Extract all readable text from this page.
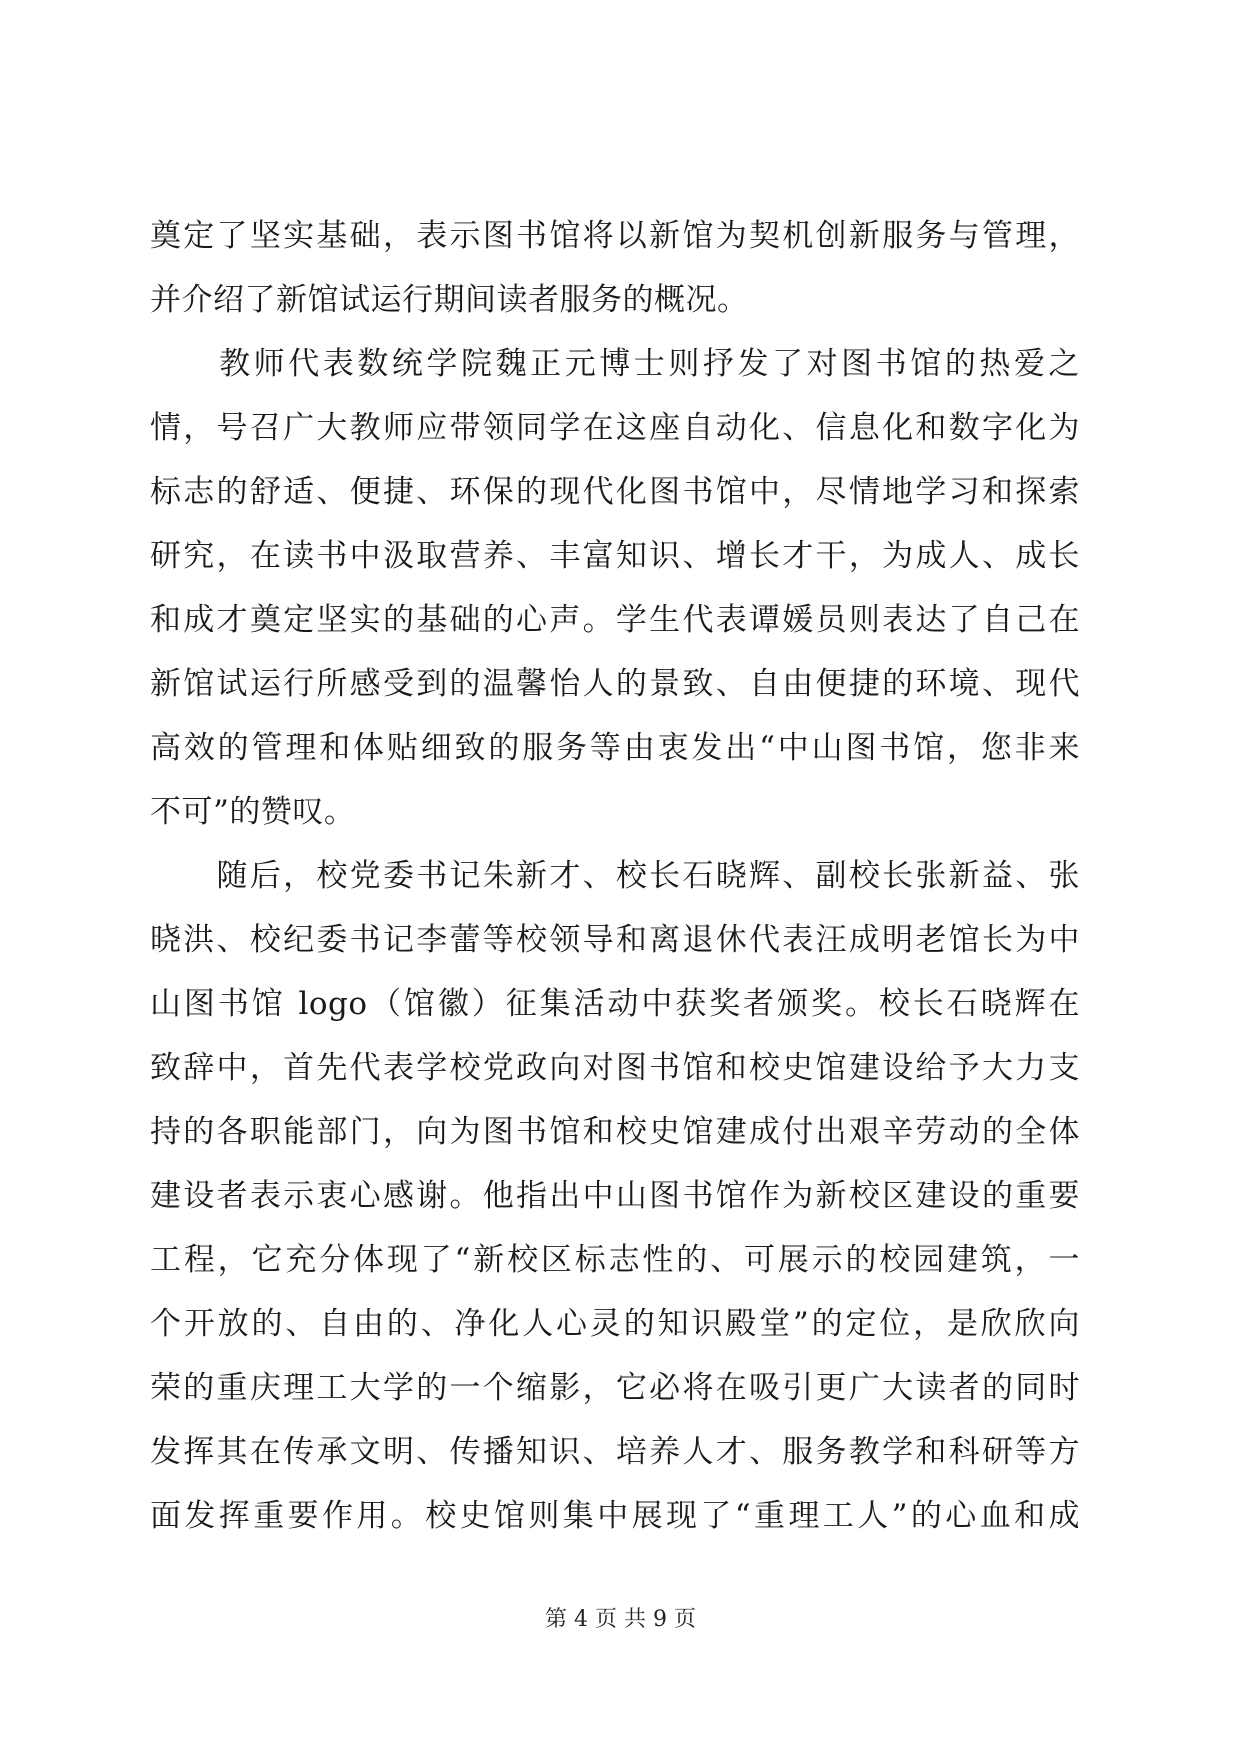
奠定了坚实基础，表示图书馆将以新馆为契机创新服务与管理，
并介绍了新馆试运行期间读者服务的概况。
　　教师代表数统学院魏正元博士则抒发了对图书馆的热爱之
情，号召广大教师应带领同学在这座自动化、信息化和数字化为
标志的舒适、便捷、环保的现代化图书馆中，尽情地学习和探索
研究，在读书中汲取营养、丰富知识、增长才干，为成人、成长
和成才奠定坚实的基础的心声。学生代表谭媛员则表达了自己在
新馆试运行所感受到的温馨怡人的景致、自由便捷的环境、现代
高效的管理和体贴细致的服务等由衷发出“中山图书馆，您非来
不可”的赞叹。
　　随后，校党委书记朱新才、校长石晓辉、副校长张新益、张
晓洪、校纪委书记李蕾等校领导和离退休代表汪成明老馆长为中
山图书馆 logo（馆徽）征集活动中获奖者颁奖。校长石晓辉在
致辞中，首先代表学校党政向对图书馆和校史馆建设给予大力支
持的各职能部门，向为图书馆和校史馆建成付出艰辛劳动的全体
建设者表示衷心感谢。他指出中山图书馆作为新校区建设的重要
工程，它充分体现了“新校区标志性的、可展示的校园建筑，一
个开放的、自由的、净化人心灵的知识殿堂”的定位，是欣欣向
荣的重庆理工大学的一个缩影，它必将在吸引更广大读者的同时
发挥其在传承文明、传播知识、培养人才、服务教学和科研等方
面发挥重要作用。校史馆则集中展现了“重理工人”的心血和成
第 4 页 共 9 页
